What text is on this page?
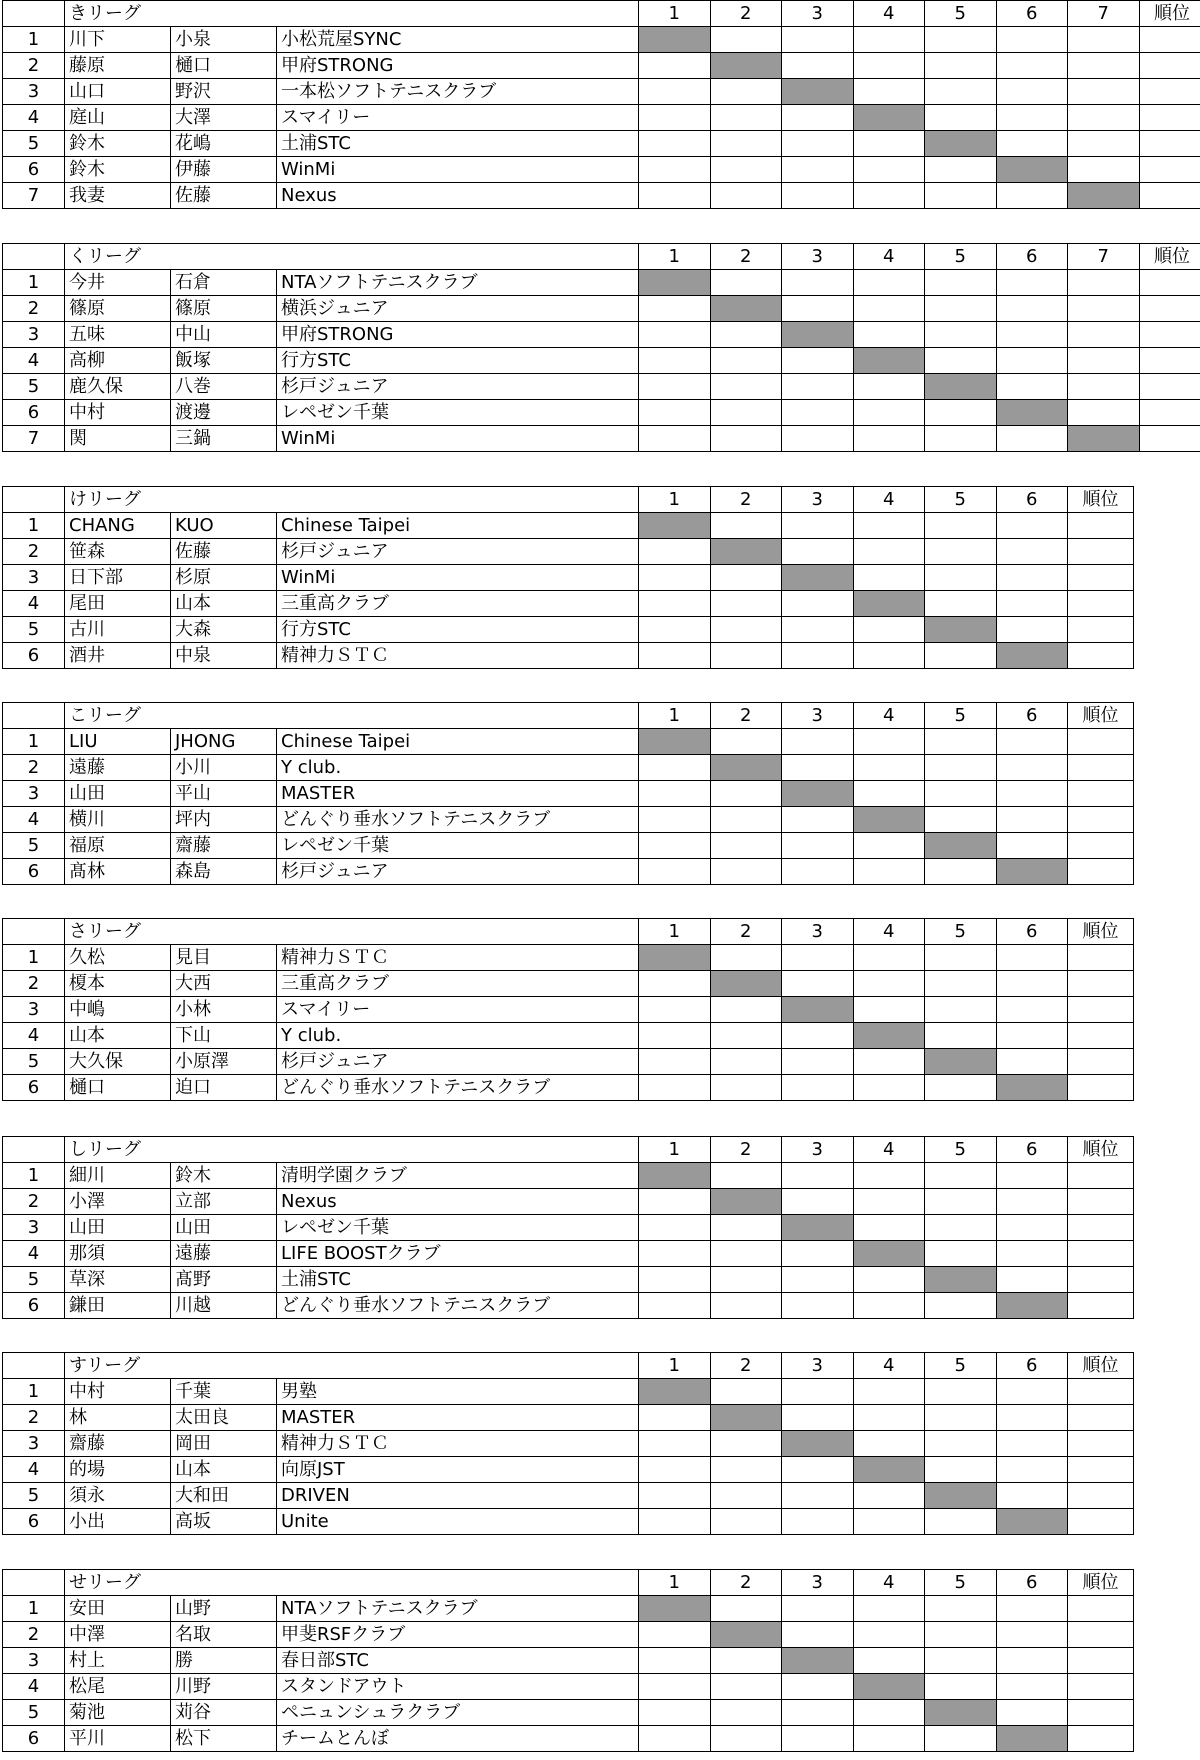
	きリーグ			1	2	3	4	5	6	7	順位
1	川下	小泉	小松荒屋SYNC								
2	藤原	樋口	甲府STRONG								
3	山口	野沢	一本松ソフトテニスクラブ								
4	庭山	大澤	スマイリー								
5	鈴木	花嶋	土浦STC								
6	鈴木	伊藤	WinMi								
7	我妻	佐藤	Nexus								
	くリーグ			1	2	3	4	5	6	7	順位
1	今井	石倉	NTAソフトテニスクラブ								
2	篠原	篠原	横浜ジュニア								
3	五味	中山	甲府STRONG								
4	高柳	飯塚	行方STC								
5	鹿久保	八巻	杉戸ジュニア								
6	中村	渡邊	レペゼン千葉								
7	関	三鍋	WinMi								
	けリーグ			1	2	3	4	5	6	順位
1	CHANG	KUO	Chinese Taipei							
2	笹森	佐藤	杉戸ジュニア							
3	日下部	杉原	WinMi							
4	尾田	山本	三重高クラブ							
5	古川	大森	行方STC							
6	酒井	中泉	精神力ＳＴＣ							
	こリーグ			1	2	3	4	5	6	順位
1	LIU	JHONG	Chinese Taipei							
2	遠藤	小川	Y club.							
3	山田	平山	MASTER							
4	横川	坪内	どんぐり垂水ソフトテニスクラブ							
5	福原	齋藤	レペゼン千葉							
6	髙林	森島	杉戸ジュニア							
	さリーグ			1	2	3	4	5	6	順位
1	久松	見目	精神力ＳＴＣ							
2	榎本	大西	三重高クラブ							
3	中嶋	小林	スマイリー							
4	山本	下山	Y club.							
5	大久保	小原澤	杉戸ジュニア							
6	樋口	迫口	どんぐり垂水ソフトテニスクラブ							
	しリーグ			1	2	3	4	5	6	順位
1	細川	鈴木	清明学園クラブ							
2	小澤	立部	Nexus							
3	山田	山田	レペゼン千葉							
4	那須	遠藤	LIFE BOOSTクラブ							
5	草深	髙野	土浦STC							
6	鎌田	川越	どんぐり垂水ソフトテニスクラブ							
	すリーグ			1	2	3	4	5	6	順位
1	中村	千葉	男塾							
2	林	太田良	MASTER							
3	齋藤	岡田	精神力ＳＴＣ							
4	的場	山本	向原JST							
5	須永	大和田	DRIVEN							
6	小出	高坂	Unite							
	せリーグ			1	2	3	4	5	6	順位
1	安田	山野	NTAソフトテニスクラブ							
2	中澤	名取	甲斐RSFクラブ							
3	村上	勝	春日部STC							
4	松尾	川野	スタンドアウト							
5	菊池	苅谷	ペニュンシュラクラブ							
6	平川	松下	チームとんぼ							
